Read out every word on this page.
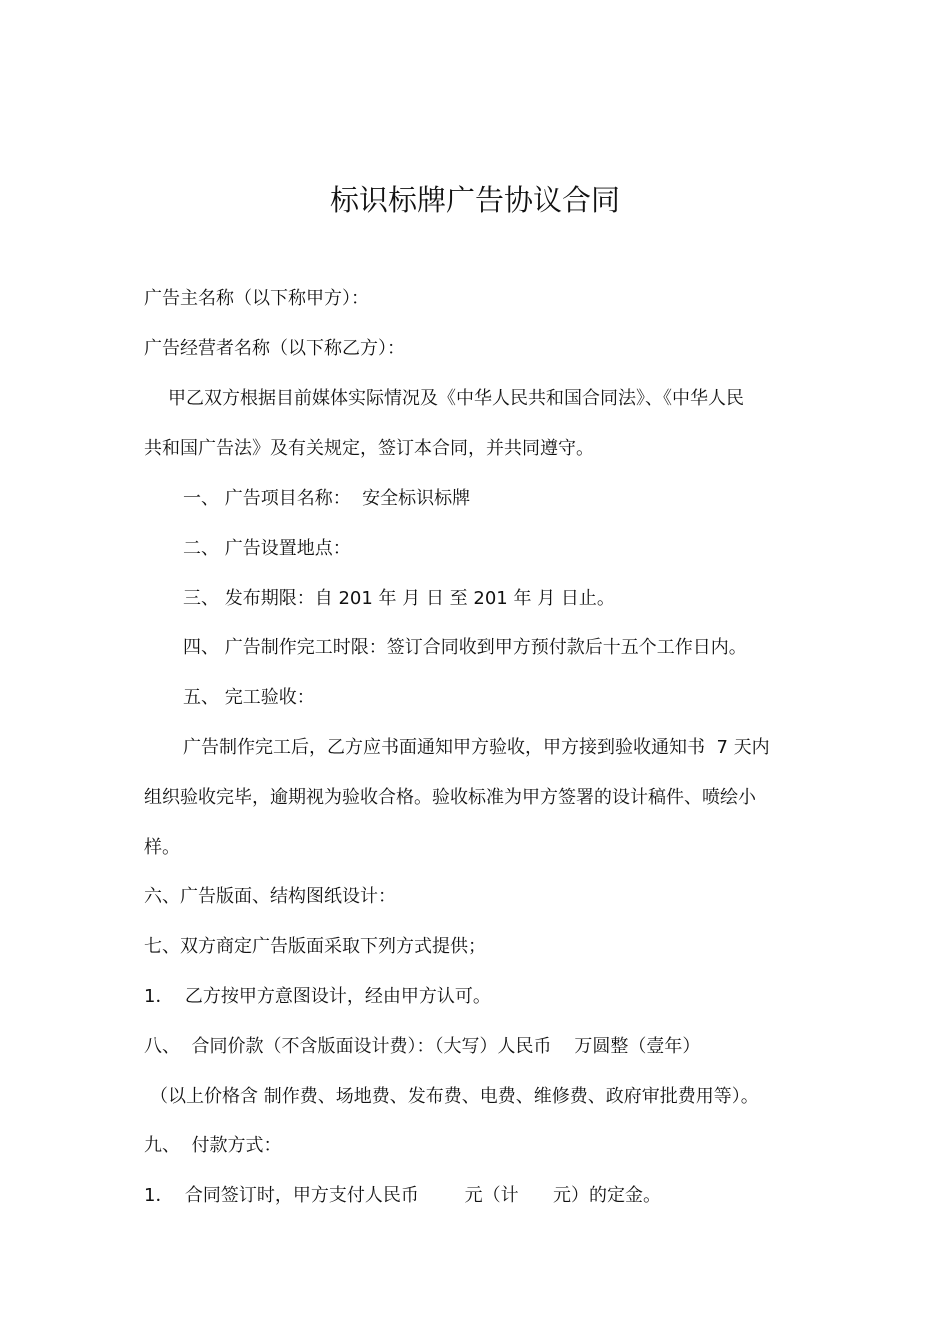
标识标牌广告协议合同
广告主名称（以下称甲方）：
广告经营者名称（以下称乙方）：
甲乙双方根据目前媒体实际情况及《中华人民共和国合同法》、《中华人民
共和国广告法》及有关规定，签订本合同，并共同遵守。
一、 广告项目名称：  安全标识标牌
二、 广告设置地点：
三、 发布期限：自 201 年 月 日 至 201 年 月 日止。
四、 广告制作完工时限：签订合同收到甲方预付款后十五个工作日内。
五、 完工验收：
广告制作完工后，乙方应书面通知甲方验收，甲方接到验收通知书  7 天内
组织验收完毕，逾期视为验收合格。验收标准为甲方签署的设计稿件、喷绘小
样。
六、广告版面、结构图纸设计：
七、双方商定广告版面采取下列方式提供；
1．  乙方按甲方意图设计，经由甲方认可。
八、  合同价款（不含版面设计费）：（大写）人民币    万圆整（壹年）
（以上价格含 制作费、场地费、发布费、电费、维修费、政府审批费用等）。
九、  付款方式：
1．  合同签订时，甲方支付人民币        元（计      元）的定金。
